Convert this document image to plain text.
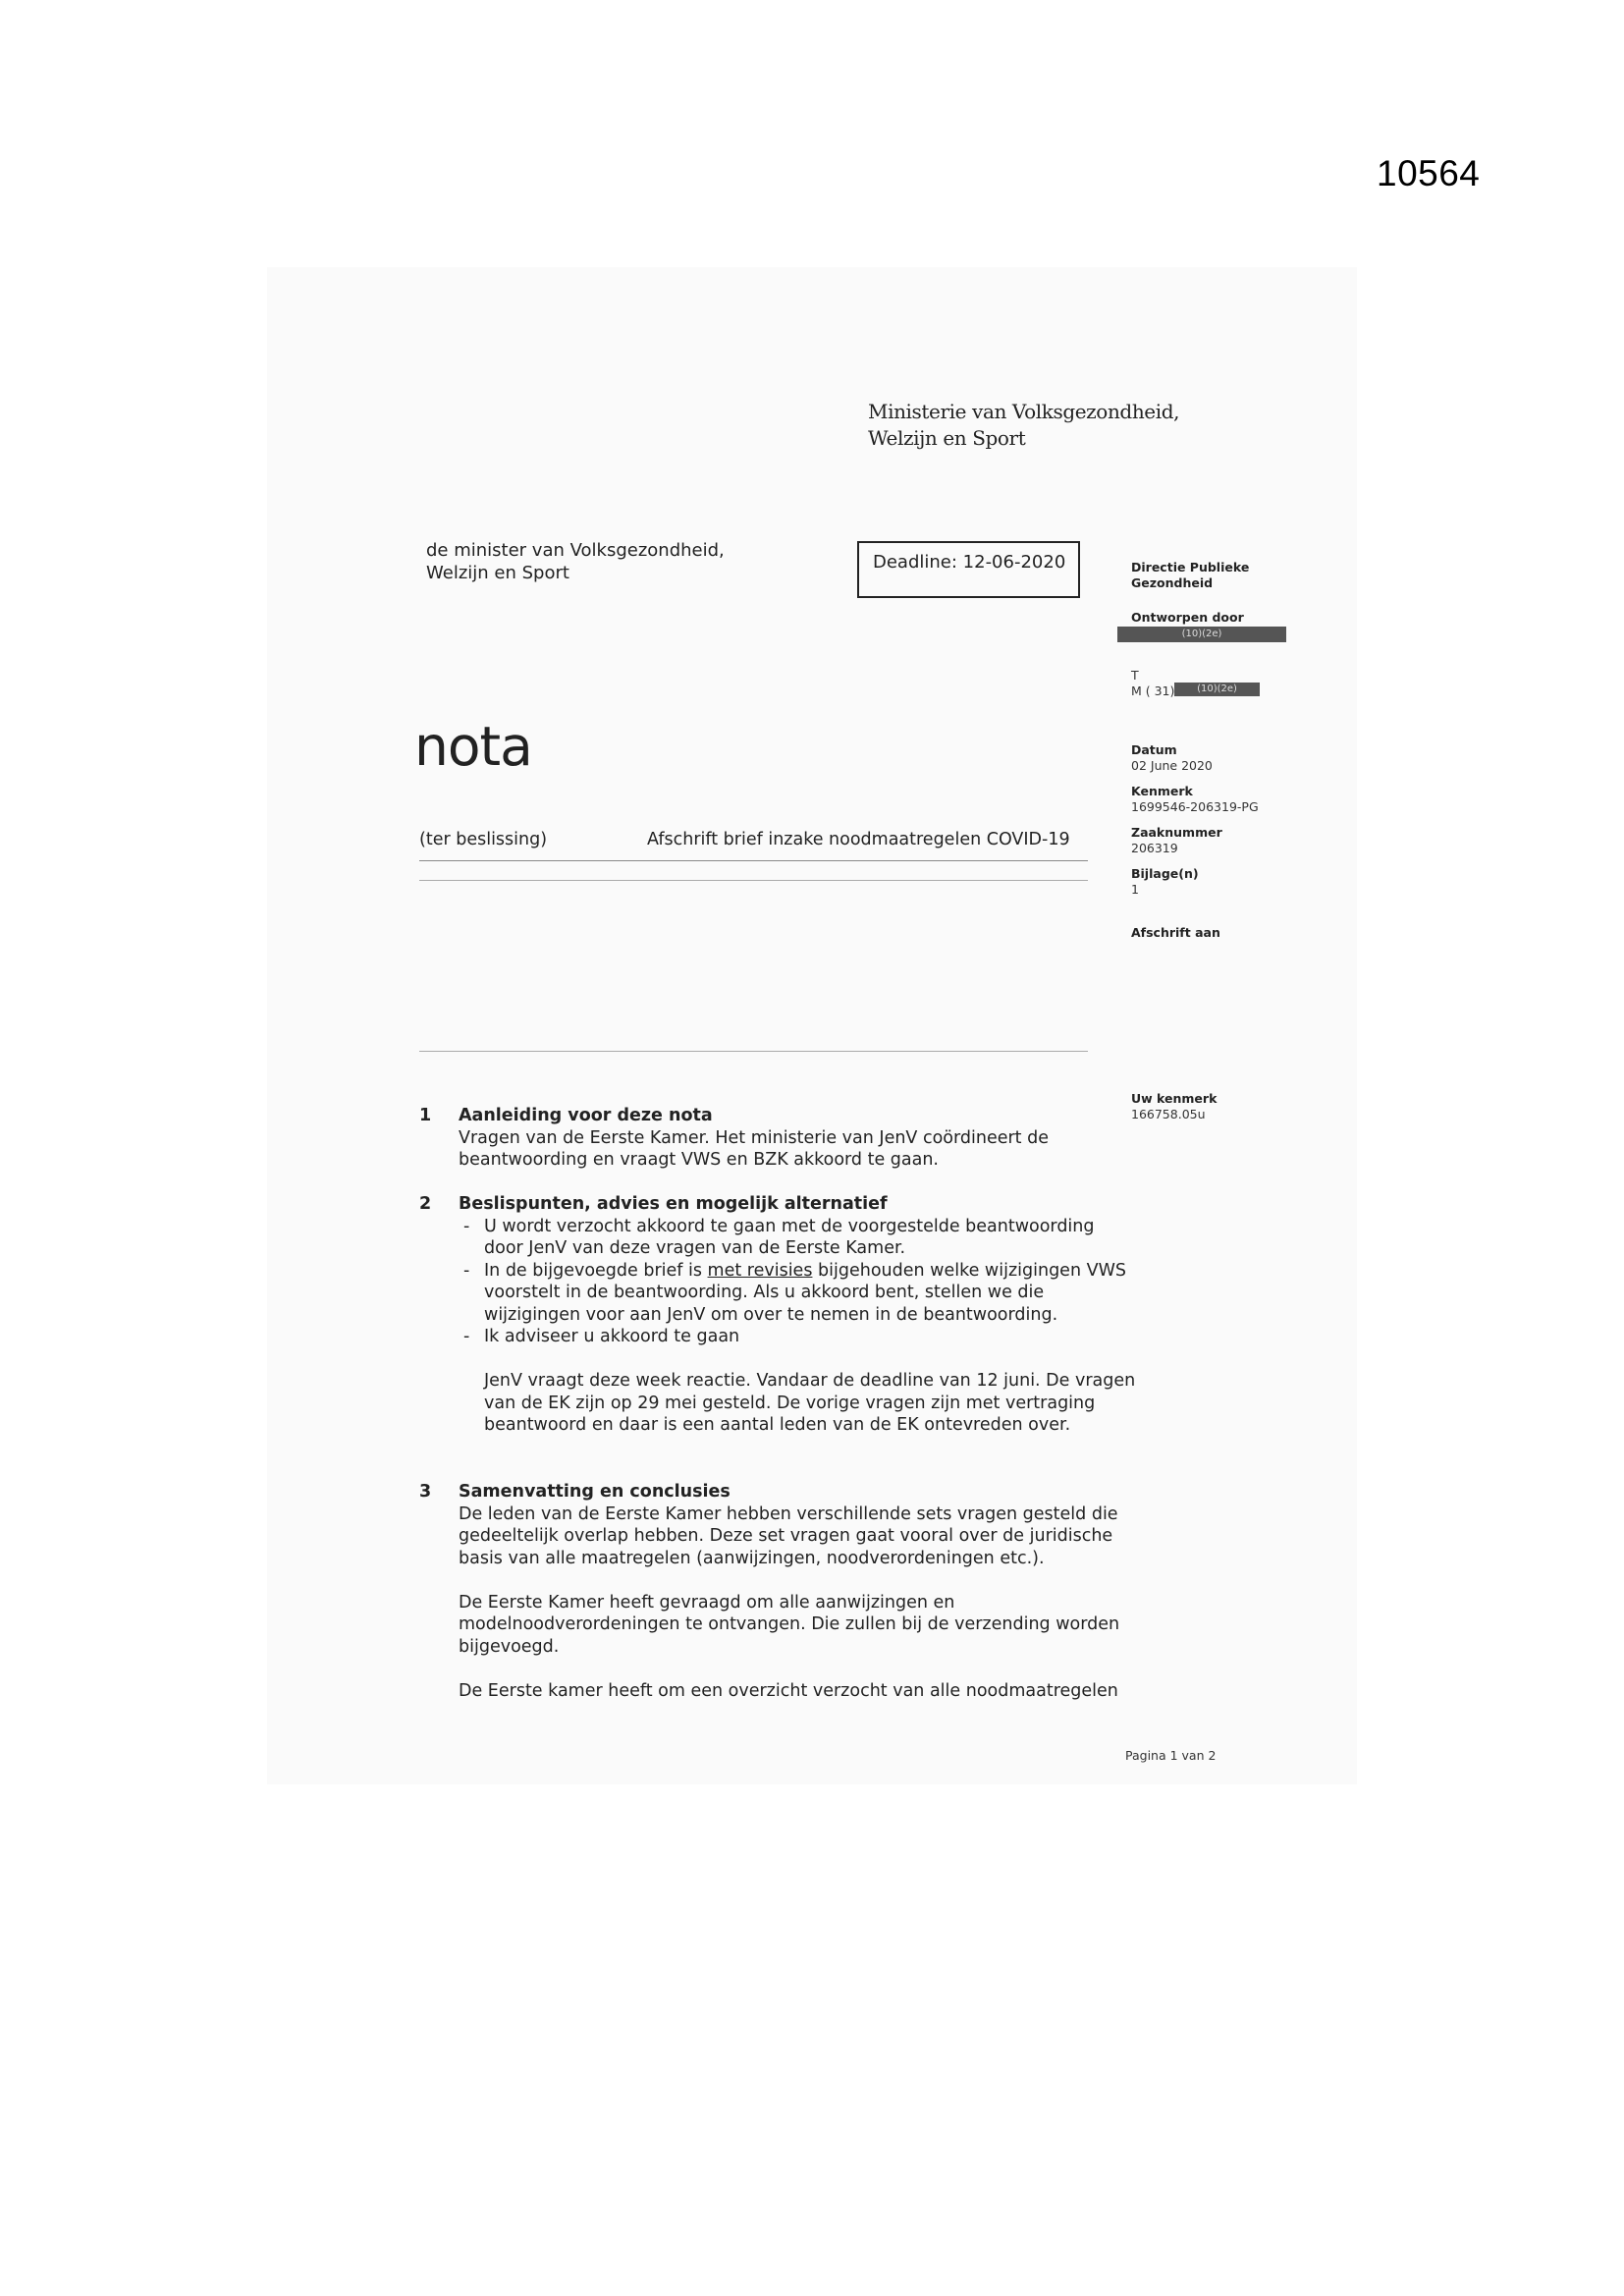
10564
Ministerie van Volksgezondheid,
Welzijn en Sport
de minister van Volksgezondheid,
Welzijn en Sport
Deadline: 12-06-2020
nota
(ter beslissing)	Afschrift brief inzake noodmaatregelen COVID-19
Directie Publieke
Gezondheid
Ontworpen door
(10)(2e)
T
M ( 31)	(10)(2e)
Datum
02 June 2020
Kenmerk
1699546-206319-PG
Zaaknummer
206319
Bijlage(n)
1
Afschrift aan
Uw kenmerk
166758.05u
1 Aanleiding voor deze nota
Vragen van de Eerste Kamer. Het ministerie van JenV coördineert de beantwoording en vraagt VWS en BZK akkoord te gaan.
2 Beslispunten, advies en mogelijk alternatief
- U wordt verzocht akkoord te gaan met de voorgestelde beantwoording door JenV van deze vragen van de Eerste Kamer.
- In de bijgevoegde brief is met revisies bijgehouden welke wijzigingen VWS voorstelt in de beantwoording. Als u akkoord bent, stellen we die wijzigingen voor aan JenV om over te nemen in de beantwoording.
- Ik adviseer u akkoord te gaan
JenV vraagt deze week reactie. Vandaar de deadline van 12 juni. De vragen van de EK zijn op 29 mei gesteld. De vorige vragen zijn met vertraging beantwoord en daar is een aantal leden van de EK ontevreden over.
3 Samenvatting en conclusies
De leden van de Eerste Kamer hebben verschillende sets vragen gesteld die gedeeltelijk overlap hebben. Deze set vragen gaat vooral over de juridische basis van alle maatregelen (aanwijzingen, noodverordeningen etc.).
De Eerste Kamer heeft gevraagd om alle aanwijzingen en modelnoodverordeningen te ontvangen. Die zullen bij de verzending worden bijgevoegd.
De Eerste kamer heeft om een overzicht verzocht van alle noodmaatregelen
Pagina 1 van 2
